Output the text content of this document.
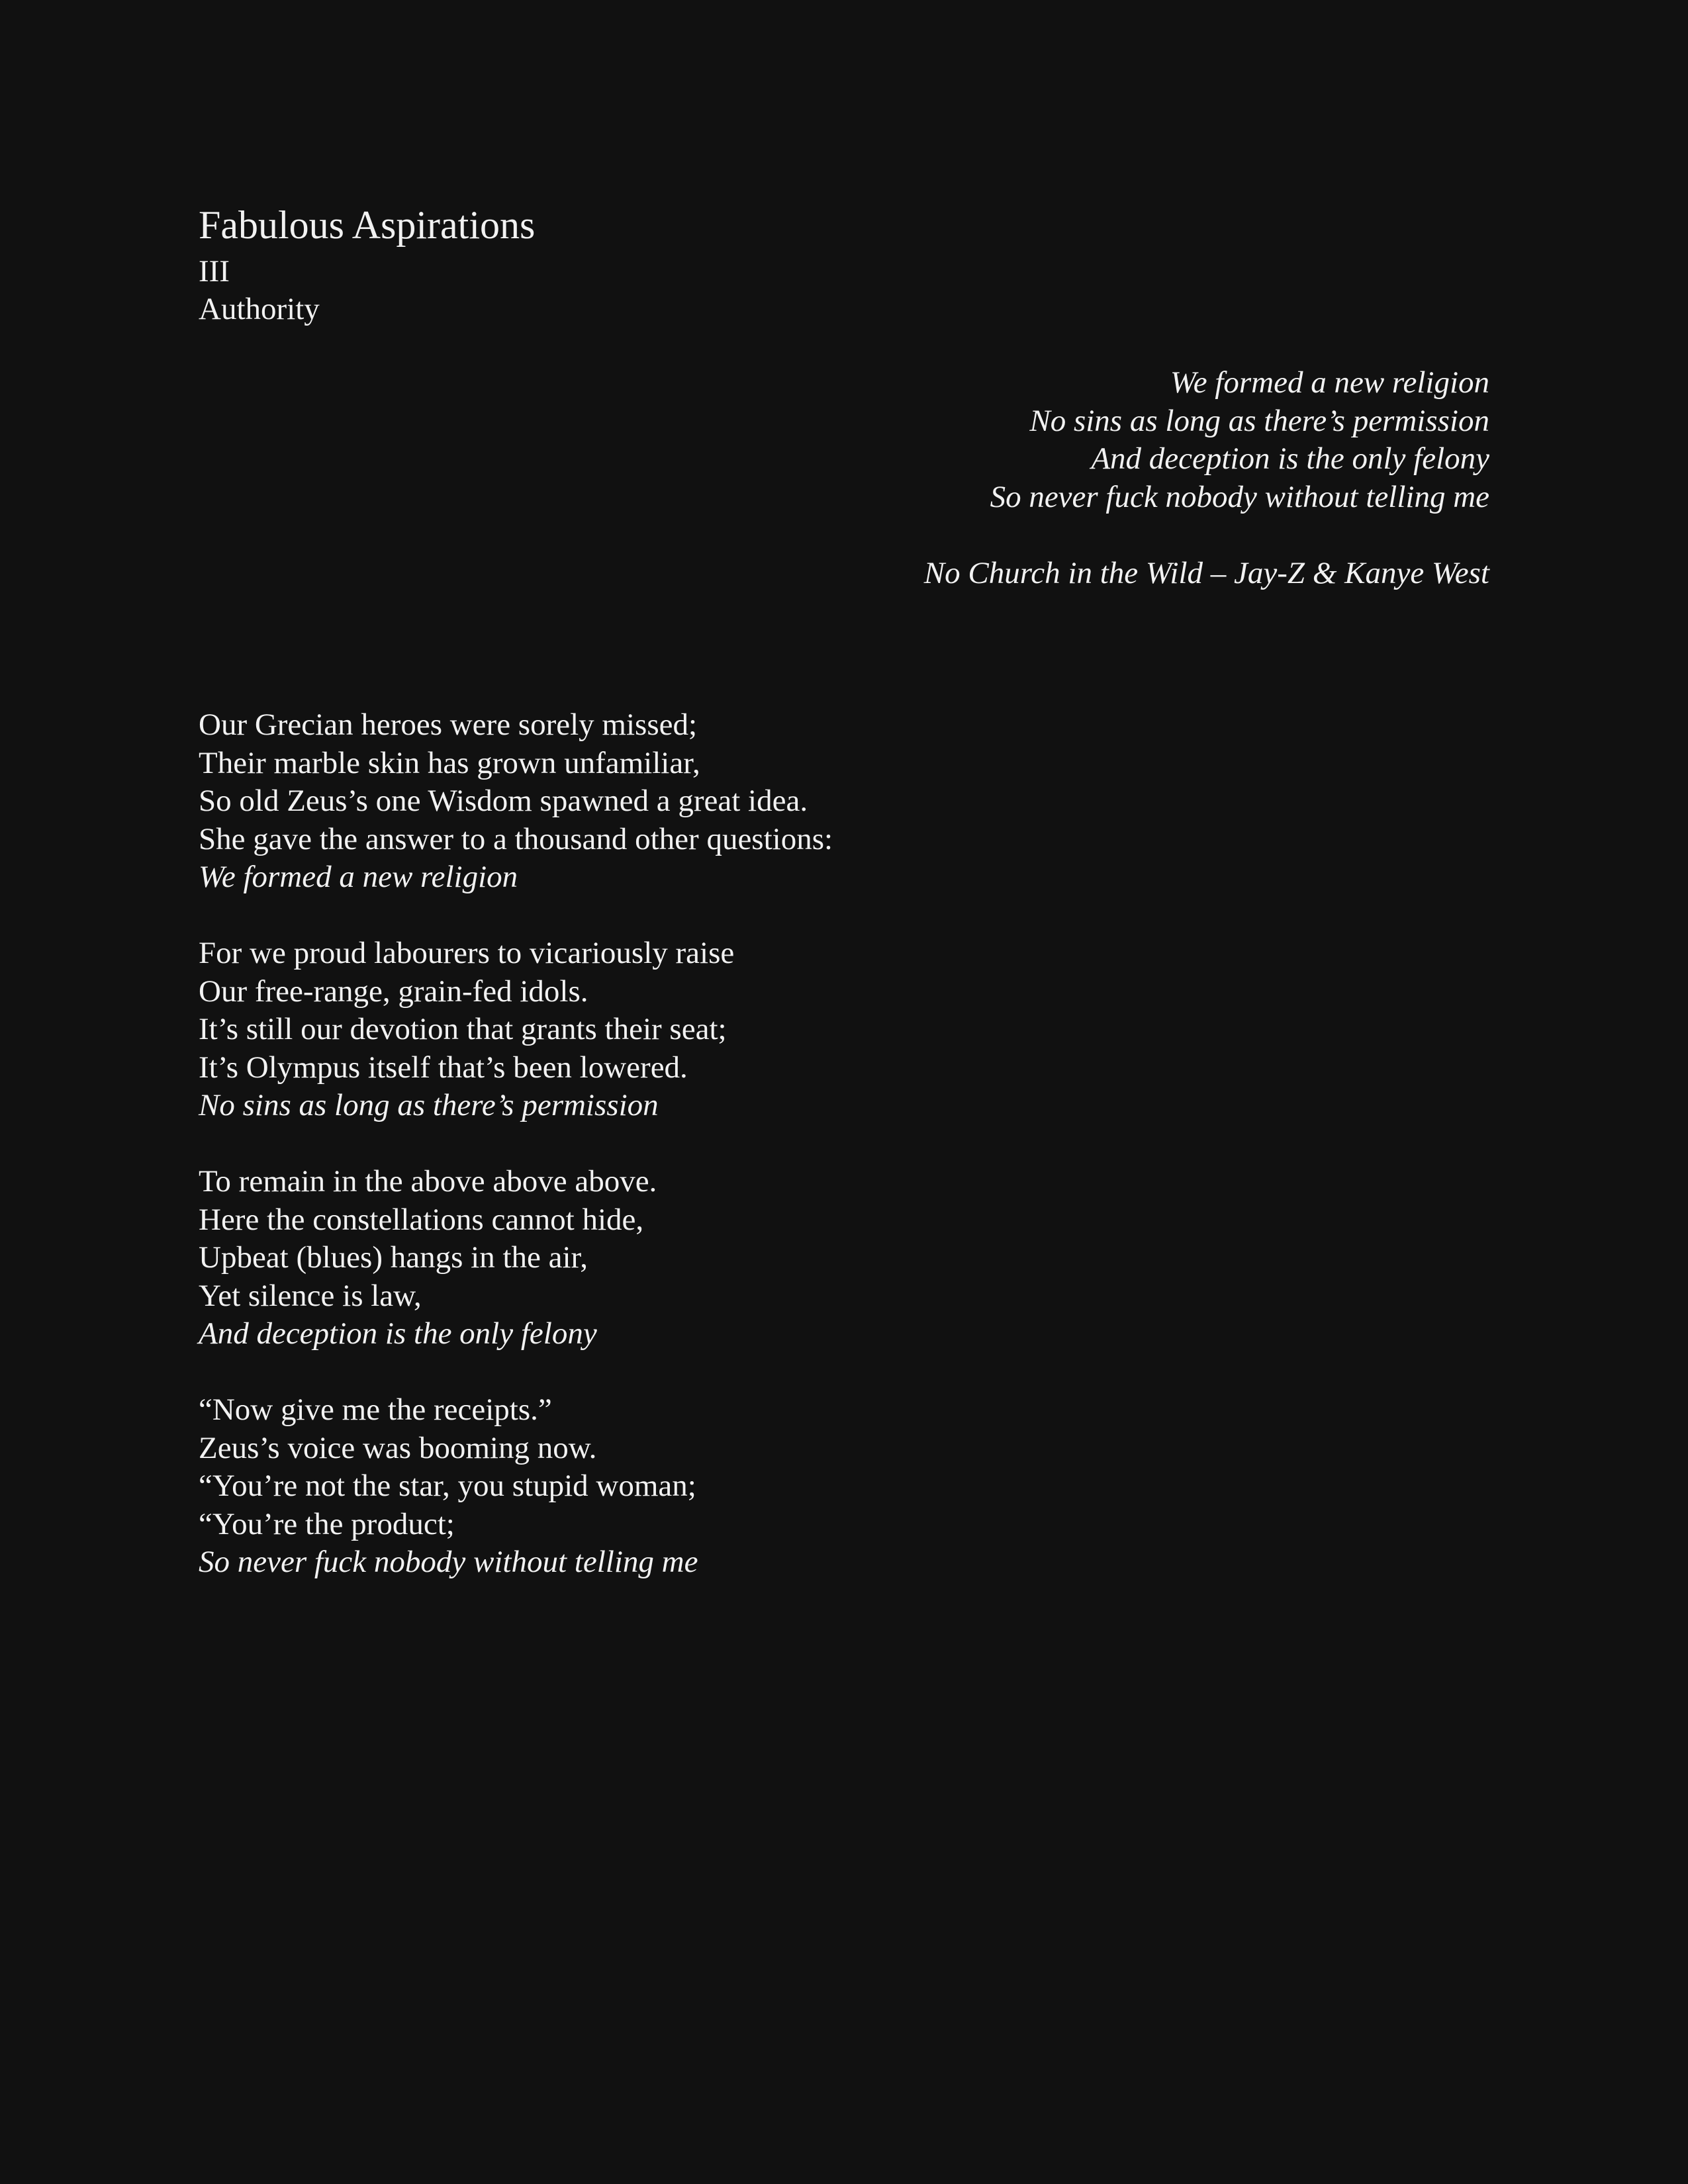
Fabulous Aspirations
III
Authority
We formed a new religion
No sins as long as there’s permission
And deception is the only felony
So never fuck nobody without telling me
No Church in the Wild – Jay-Z & Kanye West
Our Grecian heroes were sorely missed;
Their marble skin has grown unfamiliar,
So old Zeus’s one Wisdom spawned a great idea.
She gave the answer to a thousand other questions:
We formed a new religion
For we proud labourers to vicariously raise
Our free-range, grain-fed idols.
It’s still our devotion that grants their seat;
It’s Olympus itself that’s been lowered.
No sins as long as there’s permission
To remain in the above above above.
Here the constellations cannot hide,
Upbeat (blues) hangs in the air,
Yet silence is law,
And deception is the only felony
“Now give me the receipts.”
Zeus’s voice was booming now.
“You’re not the star, you stupid woman;
“You’re the product;
So never fuck nobody without telling me
